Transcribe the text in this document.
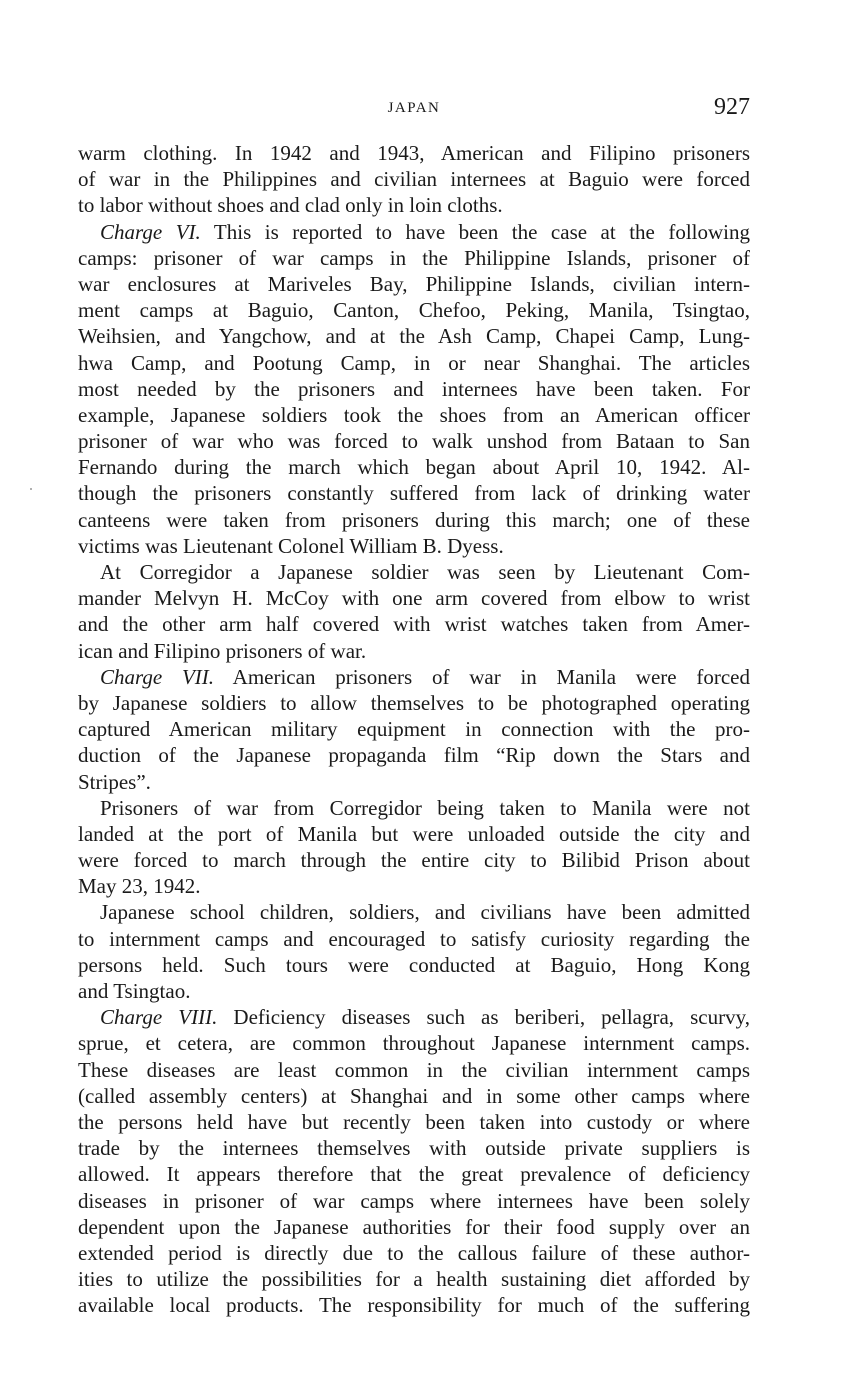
JAPAN	927
warm clothing. In 1942 and 1943, American and Filipino prisoners
of war in the Philippines and civilian internees at Baguio were forced
to labor without shoes and clad only in loin cloths.
Charge VI. This is reported to have been the case at the following
camps: prisoner of war camps in the Philippine Islands, prisoner of
war enclosures at Mariveles Bay, Philippine Islands, civilian intern-
ment camps at Baguio, Canton, Chefoo, Peking, Manila, Tsingtao,
Weihsien, and Yangchow, and at the Ash Camp, Chapei Camp, Lung-
hwa Camp, and Pootung Camp, in or near Shanghai. The articles
most needed by the prisoners and internees have been taken. For
example, Japanese soldiers took the shoes from an American officer
prisoner of war who was forced to walk unshod from Bataan to San
Fernando during the march which began about April 10, 1942. Al-
though the prisoners constantly suffered from lack of drinking water
canteens were taken from prisoners during this march; one of these
victims was Lieutenant Colonel William B. Dyess.
At Corregidor a Japanese soldier was seen by Lieutenant Com-
mander Melvyn H. McCoy with one arm covered from elbow to wrist
and the other arm half covered with wrist watches taken from Amer-
ican and Filipino prisoners of war.
Charge VII. American prisoners of war in Manila were forced
by Japanese soldiers to allow themselves to be photographed operating
captured American military equipment in connection with the pro-
duction of the Japanese propaganda film “Rip down the Stars and
Stripes”.
Prisoners of war from Corregidor being taken to Manila were not
landed at the port of Manila but were unloaded outside the city and
were forced to march through the entire city to Bilibid Prison about
May 23, 1942.
Japanese school children, soldiers, and civilians have been admitted
to internment camps and encouraged to satisfy curiosity regarding the
persons held. Such tours were conducted at Baguio, Hong Kong
and Tsingtao.
Charge VIII. Deficiency diseases such as beriberi, pellagra, scurvy,
sprue, et cetera, are common throughout Japanese internment camps.
These diseases are least common in the civilian internment camps
(called assembly centers) at Shanghai and in some other camps where
the persons held have but recently been taken into custody or where
trade by the internees themselves with outside private suppliers is
allowed. It appears therefore that the great prevalence of deficiency
diseases in prisoner of war camps where internees have been solely
dependent upon the Japanese authorities for their food supply over an
extended period is directly due to the callous failure of these author-
ities to utilize the possibilities for a health sustaining diet afforded by
available local products. The responsibility for much of the suffering
